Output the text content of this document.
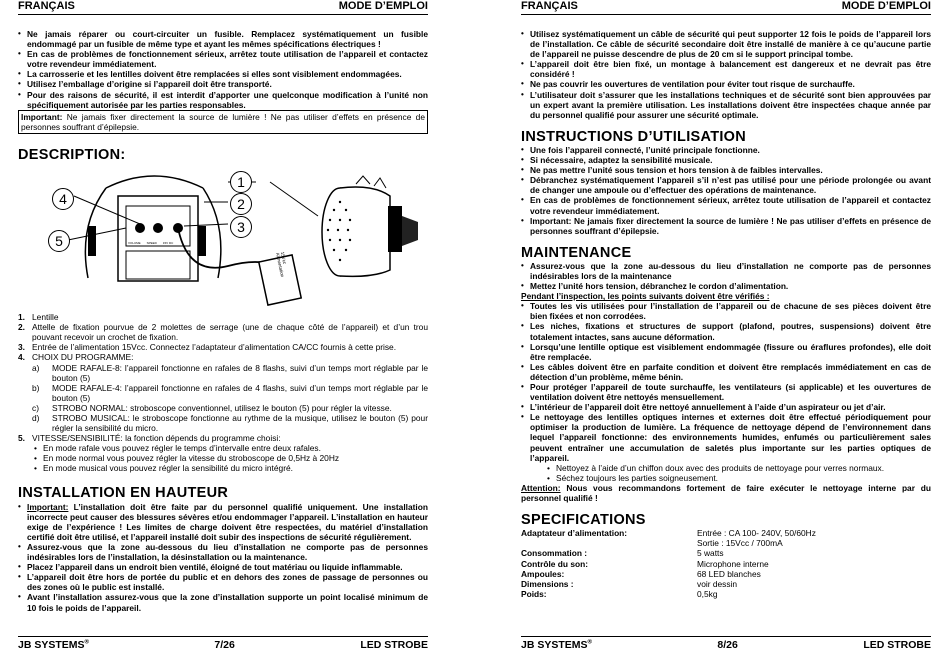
FRANÇAIS	MODE D’EMPLOI
• Ne jamais réparer ou court-circuiter un fusible. Remplacez systématiquement un fusible endommagé par un fusible de même type et ayant les mêmes spécifications électriques !
• En cas de problèmes de fonctionnement sérieux, arrêtez toute utilisation de l’appareil et contactez votre revendeur immédiatement.
• La carrosserie et les lentilles doivent être remplacées si elles sont visiblement endommagées.
• Utilisez l’emballage d’origine si l’appareil doit être transporté.
• Pour des raisons de sécurité, il est interdit d’apporter une quelconque modification à l’unité non spécifiquement autorisée par les parties responsables.
Important: Ne jamais fixer directement la source de lumière ! Ne pas utiliser d’effets en présence de personnes souffrant d’épilepsie.
DESCRIPTION:
1
2
3
4
5	VOLUME SPEED 15V DC
15Vcc Alimentation
1. Lentille
2. Attelle de fixation pourvue de 2 molettes de serrage (une de chaque côté de l’appareil) et d’un trou pouvant recevoir un crochet de fixation.
3. Entrée de l’alimentation 15Vcc. Connectez l’adaptateur d’alimentation CA/CC fournis à cette prise.
4. CHOIX DU PROGRAMME:
a) MODE RAFALE-8: l’appareil fonctionne en rafales de 8 flashs, suivi d’un temps mort réglable par le bouton (5)
b) MODE RAFALE-4: l’appareil fonctionne en rafales de 4 flashs, suivi d’un temps mort réglable par le bouton (5)
c) STROBO NORMAL: stroboscope conventionnel, utilisez le bouton (5) pour régler la vitesse.
d) STROBO MUSICAL: le stroboscope fonctionne au rythme de la musique, utilisez le bouton (5) pour régler la sensibilité du micro.
5. VITESSE/SENSIBILITÉ: la fonction dépends du programme choisi:
• En mode rafale vous pouvez régler le temps d’intervalle entre deux rafales.
• En mode normal vous pouvez régler la vitesse du stroboscope de 0,5Hz à 20Hz
• En mode musical vous pouvez régler la sensibilité du micro intégré.
INSTALLATION EN HAUTEUR
• Important: L’installation doit être faite par du personnel qualifié uniquement. Une installation incorrecte peut causer des blessures sévères et/ou endommager l’appareil. L’installation en hauteur exige de l’expérience ! Les limites de charge doivent être respectées, du matériel d’installation certifié doit être utilisé, et l’appareil installé doit subir des inspections de sécurité régulièrement.
• Assurez-vous que la zone au-dessous du lieu d’installation ne comporte pas de personnes indésirables lors de l’installation, la désinstallation ou la maintenance.
• Placez l’appareil dans un endroit bien ventilé, éloigné de tout matériau ou liquide inflammable.
• L’appareil doit être hors de portée du public et en dehors des zones de passage de personnes ou des zones où le public est installé.
• Avant l’installation assurez-vous que la zone d’installation supporte un point localisé minimum de 10 fois le poids de l’appareil.
JB SYSTEMS®	7/26	LED STROBE
FRANÇAIS	MODE D’EMPLOI
• Utilisez systématiquement un câble de sécurité qui peut supporter 12 fois le poids de l’appareil lors de l’installation. Ce câble de sécurité secondaire doit être installé de manière à ce qu’aucune partie de l’appareil ne puisse descendre de plus de 20 cm si le support principal tombe.
• L’appareil doit être bien fixé, un montage à balancement est dangereux et ne devrait pas être considéré !
• Ne pas couvrir les ouvertures de ventilation pour éviter tout risque de surchauffe.
• L’utilisateur doit s’assurer que les installations techniques et de sécurité sont bien approuvées par un expert avant la première utilisation. Les installations doivent être inspectées chaque année par du personnel qualifié pour assurer une sécurité optimale.
INSTRUCTIONS D’UTILISATION
• Une fois l’appareil connecté, l’unité principale fonctionne.
• Si nécessaire, adaptez la sensibilité musicale.
• Ne pas mettre l’unité sous tension et hors tension à de faibles intervalles.
• Débranchez systématiquement l’appareil s’il n’est pas utilisé pour une période prolongée ou avant de changer une ampoule ou d’effectuer des opérations de maintenance.
• En cas de problèmes de fonctionnement sérieux, arrêtez toute utilisation de l’appareil et contactez votre revendeur immédiatement.
• Important: Ne jamais fixer directement la source de lumière ! Ne pas utiliser d’effets en présence de personnes souffrant d’épilepsie.
MAINTENANCE
• Assurez-vous que la zone au-dessous du lieu d’installation ne comporte pas de personnes indésirables lors de la maintenance
• Mettez l’unité hors tension, débranchez le cordon d’alimentation.

Pendant l’inspection, les points suivants doivent être vérifiés :

• Toutes les vis utilisées pour l’installation de l’appareil ou de chacune de ses pièces doivent être bien fixées et non corrodées.
• Les niches, fixations et structures de support (plafond, poutres, suspensions) doivent être totalement intactes, sans aucune déformation.
• Lorsqu’une lentille optique est visiblement endommagée (fissure ou éraflures profondes), elle doit être remplacée.
• Les câbles doivent être en parfaite condition et doivent être remplacés immédiatement en cas de détection d’un problème, même bénin.
• Pour protéger l’appareil de toute surchauffe, les ventilateurs (si applicable) et les ouvertures de ventilation doivent être nettoyés mensuellement.
• L’intérieur de l’appareil doit être nettoyé annuellement à l’aide d’un aspirateur ou jet d’air.
• Le nettoyage des lentilles optiques internes et externes doit être effectué périodiquement pour optimiser la production de lumière. La fréquence de nettoyage dépend de l’environnement dans lequel l’appareil fonctionne: des environnements humides, enfumés ou particulièrement sales peuvent entraîner une accumulation de saletés plus importante sur les parties optiques de l’appareil.
• Nettoyez à l’aide d’un chiffon doux avec des produits de nettoyage pour verres normaux.
• Séchez toujours les parties soigneusement.

Attention: Nous vous recommandons fortement de faire exécuter le nettoyage interne par du personnel qualifié !

SPECIFICATIONS
Adaptateur d’alimentation:	Entrée : CA 100- 240V, 50/60Hz
Sortie : 15Vcc / 700mA
Consommation :	5 watts
Contrôle du son:	Microphone interne
Ampoules:	68 LED blanches
Dimensions :	voir dessin
Poids:	0,5kg
JB SYSTEMS®	8/26	LED STROBE
